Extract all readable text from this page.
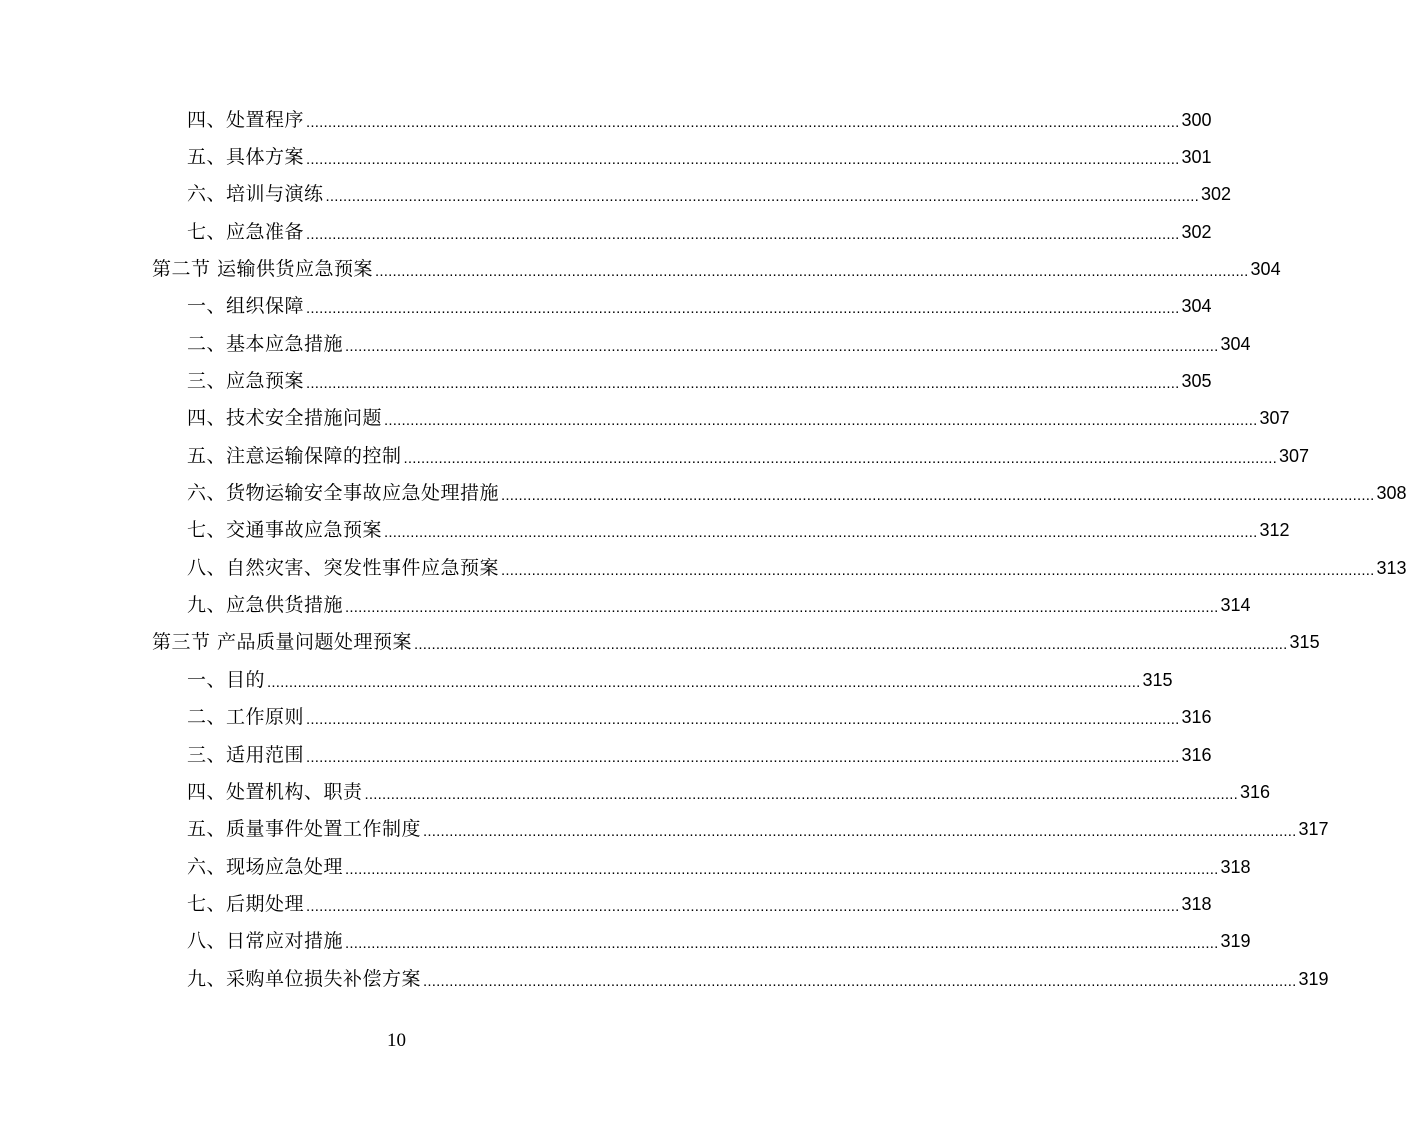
四、处置程序 ........................................................................................................................................................................................................ 300
五、具体方案 ........................................................................................................................................................................................................ 301
六、培训与演练 ........................................................................................................................................................................................................ 302
七、应急准备 ........................................................................................................................................................................................................ 302
第二节 运输供货应急预案 ........................................................................................................................................................................................................ 304
一、组织保障 ........................................................................................................................................................................................................ 304
二、基本应急措施 ........................................................................................................................................................................................................ 304
三、应急预案 ........................................................................................................................................................................................................ 305
四、技术安全措施问题 ........................................................................................................................................................................................................ 307
五、注意运输保障的控制 ........................................................................................................................................................................................................ 307
六、货物运输安全事故应急处理措施 ........................................................................................................................................................................................................ 308
七、交通事故应急预案 ........................................................................................................................................................................................................ 312
八、自然灾害、突发性事件应急预案 ........................................................................................................................................................................................................ 313
九、应急供货措施 ........................................................................................................................................................................................................ 314
第三节 产品质量问题处理预案 ........................................................................................................................................................................................................ 315
一、目的 ........................................................................................................................................................................................................ 315
二、工作原则 ........................................................................................................................................................................................................ 316
三、适用范围 ........................................................................................................................................................................................................ 316
四、处置机构、职责 ........................................................................................................................................................................................................ 316
五、质量事件处置工作制度 ........................................................................................................................................................................................................ 317
六、现场应急处理 ........................................................................................................................................................................................................ 318
七、后期处理 ........................................................................................................................................................................................................ 318
八、日常应对措施 ........................................................................................................................................................................................................ 319
九、采购单位损失补偿方案 ........................................................................................................................................................................................................ 319
10
